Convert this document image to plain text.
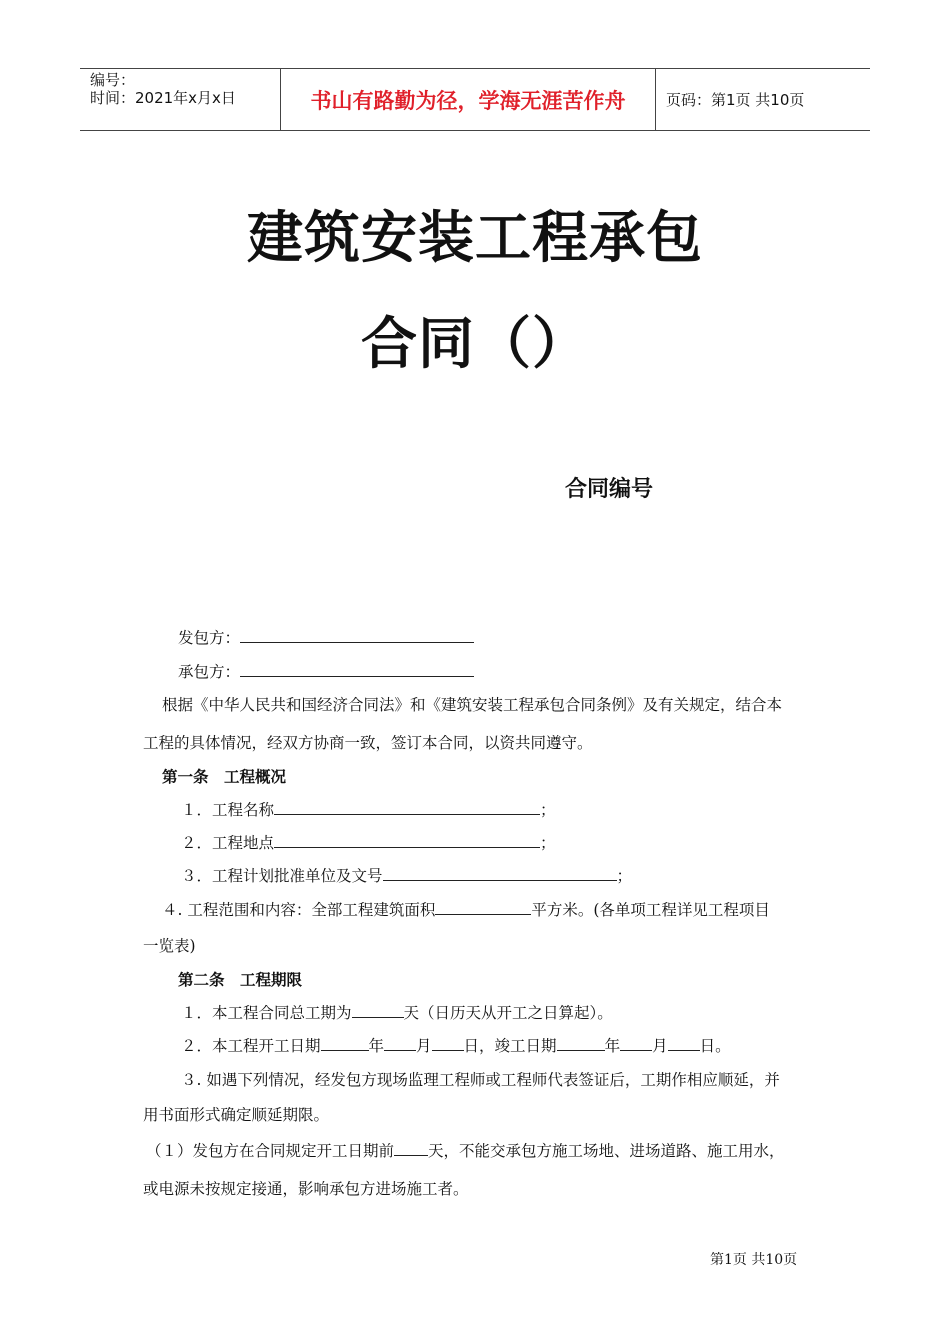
编号：
时间：2021年x月x日	书山有路勤为径，学海无涯苦作舟	页码：第1页 共10页
建筑安装工程承包
合同（）
合同编号
发包方：
承包方：
根据《中华人民共和国经济合同法》和《建筑安装工程承包合同条例》及有关规定，结合本
工程的具体情况，经双方协商一致，签订本合同，以资共同遵守。
第一条　工程概况
１．工程名称	；
２．工程地点	；
３．工程计划批准单位及文号	；
４. 工程范围和内容：全部工程建筑面积	平方米。(各单项工程详见工程项目
一览表)
第二条　工程期限
１．本工程合同总工期为	天（日历天从开工之日算起）。
２．本工程开工日期	年 月 日，竣工日期	年 月 日。
３. 如遇下列情况，经发包方现场监理工程师或工程师代表签证后，工期作相应顺延，并
用书面形式确定顺延期限。
（１）发包方在合同规定开工日期前 天，不能交承包方施工场地、进场道路、施工用水，
或电源未按规定接通，影响承包方进场施工者。
第1页 共10页
